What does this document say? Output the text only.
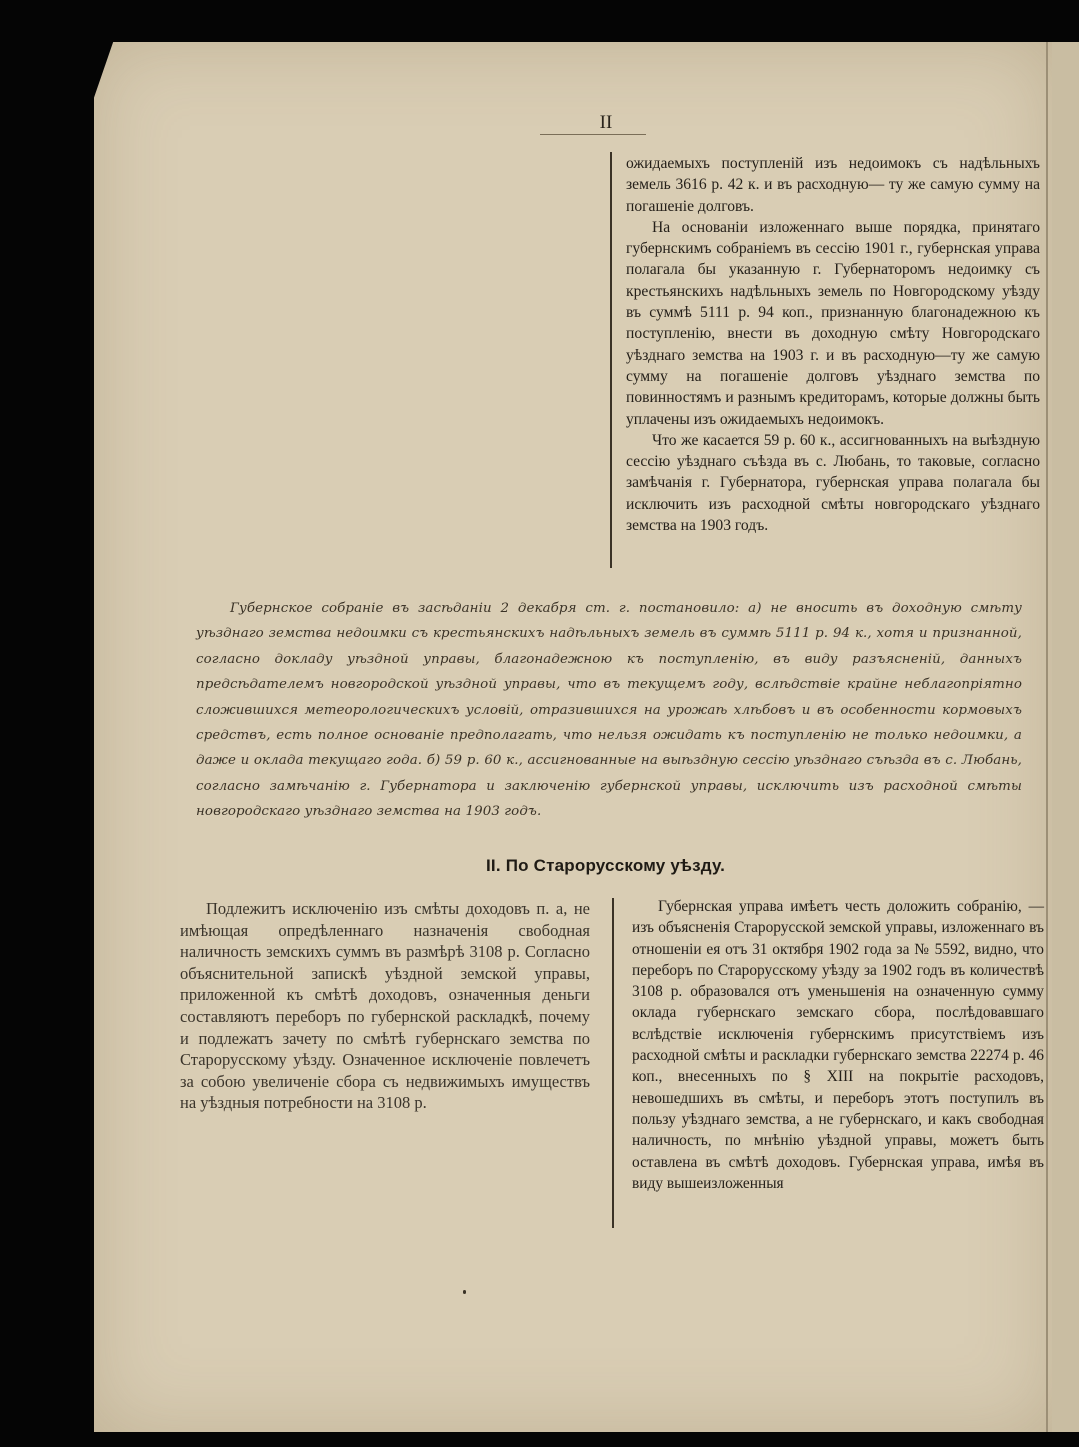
II

ожидаемыхъ поступленій изъ недоимокъ съ надѣльныхъ земель 3616 р. 42 к. и въ расходную— ту же самую сумму на погашеніе долговъ.

На основаніи изложеннаго выше порядка, принятаго губернскимъ собраніемъ въ сессію 1901 г., губернская управа полагала бы указанную г. Губернаторомъ недоимку съ крестьянскихъ надѣльныхъ земель по Новгородскому уѣзду въ суммѣ 5111 р. 94 коп., признанную благонадежною къ поступленію, внести въ доходную смѣту Новгородскаго уѣзднаго земства на 1903 г. и въ расходную—ту же самую сумму на погашеніе долговъ уѣзднаго земства по повинностямъ и разнымъ кредиторамъ, которые должны быть уплачены изъ ожидаемыхъ недоимокъ.

Что же касается 59 р. 60 к., ассигнованныхъ на выѣздную сессію уѣзднаго съѣзда въ с. Любань, то таковые, согласно замѣчанія г. Губернатора, губернская управа полагала бы исключить изъ расходной смѣты новгородскаго уѣзднаго земства на 1903 годъ.

Губернское собраніе въ засѣданіи 2 декабря ст. г. постановило: а) не вносить въ доходную смѣту уѣзднаго земства недоимки съ крестьянскихъ надѣльныхъ земель въ суммѣ 5111 р. 94 к., хотя и признанной, согласно докладу уѣздной управы, благонадежною къ поступленію, въ виду разъясненій, данныхъ предсѣдателемъ новгородской уѣздной управы, что въ текущемъ году, вслѣдствіе крайне неблагопріятно сложившихся метеорологическихъ условій, отразившихся на урожаѣ хлѣбовъ и въ особенности кормовыхъ средствъ, есть полное основаніе предполагать, что нельзя ожидать къ поступленію не только недоимки, а даже и оклада текущаго года. б) 59 р. 60 к., ассигнованные на выѣздную сессію уѣзднаго съѣзда въ с. Любань, согласно замѣчанію г. Губернатора и заключенію губернской управы, исключить изъ расходной смѣты новгородскаго уѣзднаго земства на 1903 годъ.

II. По Старорусскому уѣзду.

Подлежитъ исключенію изъ смѣты доходовъ п. а, не имѣющая опредѣленнаго назначенія свободная наличность земскихъ суммъ въ размѣрѣ 3108 р. Согласно объяснительной запискѣ уѣздной земской управы, приложенной къ смѣтѣ доходовъ, означенныя деньги составляютъ переборъ по губернской раскладкѣ, почему и подлежатъ зачету по смѣтѣ губернскаго земства по Старорусскому уѣзду. Означенное исключеніе повлечетъ за собою увеличеніе сбора съ недвижимыхъ имуществъ на уѣздныя потребности на 3108 р.

Губернская управа имѣетъ честь доложить собранію, — изъ объясненія Старорусской земской управы, изложеннаго въ отношеніи ея отъ 31 октября 1902 года за № 5592, видно, что переборъ по Старорусскому уѣзду за 1902 годъ въ количествѣ 3108 р. образовался отъ уменьшенія на означенную сумму оклада губернскаго земскаго сбора, послѣдовавшаго вслѣдствіе исключенія губернскимъ присутствіемъ изъ расходной смѣты и раскладки губернскаго земства 22274 р. 46 коп., внесенныхъ по § XIII на покрытіе расходовъ, невошедшихъ въ смѣты, и переборъ этотъ поступилъ въ пользу уѣзднаго земства, а не губернскаго, и какъ свободная наличность, по мнѣнію уѣздной управы, можетъ быть оставлена въ смѣтѣ доходовъ. Губернская управа, имѣя въ виду вышеизложенныя
